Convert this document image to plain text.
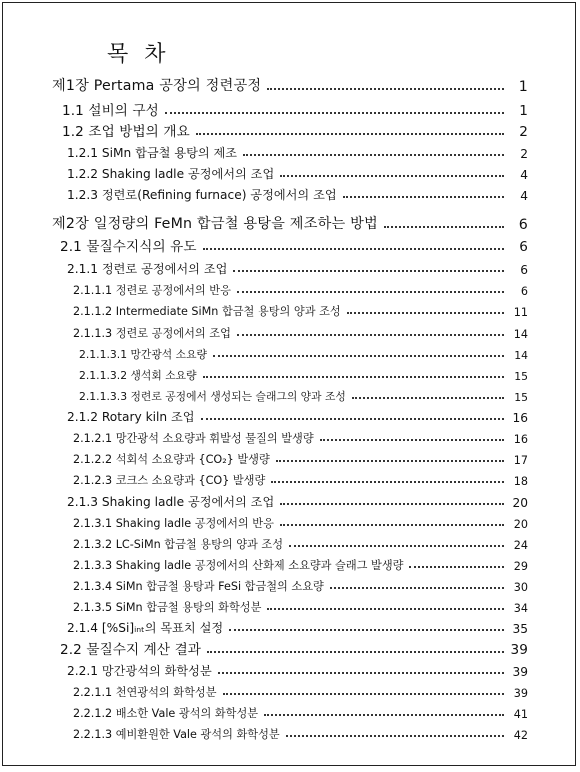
목 차
제1장 Pertama 공장의 정련공정	1
1.1 설비의 구성	1
1.2 조업 방법의 개요	2
1.2.1 SiMn 합금철 용탕의 제조	2
1.2.2 Shaking ladle 공정에서의 조업	4
1.2.3 정련로(Refining furnace) 공정에서의 조업	4
제2장 일정량의 FeMn 합금철 용탕을 제조하는 방법	6
2.1 물질수지식의 유도	6
2.1.1 정련로 공정에서의 조업	6
2.1.1.1 정련로 공정에서의 반응	6
2.1.1.2 Intermediate SiMn 합금철 용탕의 양과 조성	11
2.1.1.3 정련로 공정에서의 조업	14
2.1.1.3.1 망간광석 소요량	14
2.1.1.3.2 생석회 소요량	15
2.1.1.3.3 정련로 공정에서 생성되는 슬래그의 양과 조성	15
2.1.2 Rotary kiln 조업	16
2.1.2.1 망간광석 소요량과 휘발성 물질의 발생량	16
2.1.2.2 석회석 소요량과 {CO₂} 발생량	17
2.1.2.3 코크스 소요량과 {CO} 발생량	18
2.1.3 Shaking ladle 공정에서의 조업	20
2.1.3.1 Shaking ladle 공정에서의 반응	20
2.1.3.2 LC-SiMn 합금철 용탕의 양과 조성	24
2.1.3.3 Shaking ladle 공정에서의 산화제 소요량과 슬래그 발생량	29
2.1.3.4 SiMn 합금철 용탕과 FeSi 합금철의 소요량	30
2.1.3.5 SiMn 합금철 용탕의 화학성분	34
2.1.4 [%Si]ᵢₙₜ의 목표치 설정	35
2.2 물질수지 계산 결과	39
2.2.1 망간광석의 화학성분	39
2.2.1.1 천연광석의 화학성분	39
2.2.1.2 배소한 Vale 광석의 화학성분	41
2.2.1.3 예비환원한 Vale 광석의 화학성분	42
